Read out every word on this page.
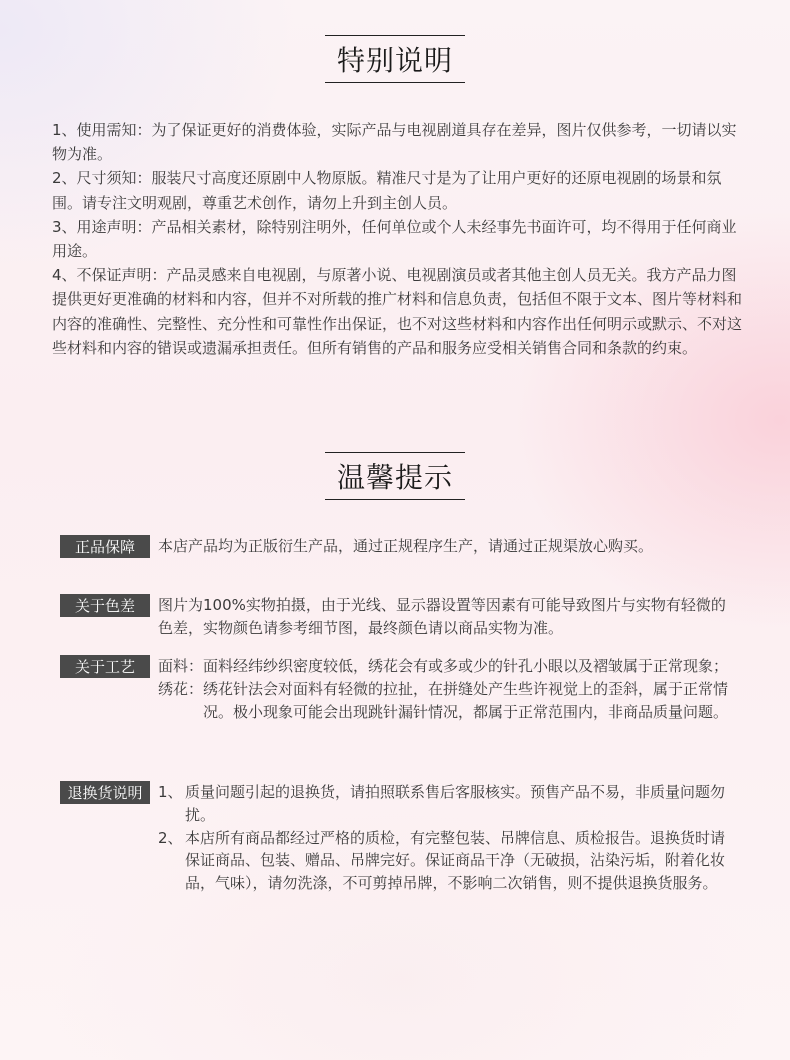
特别说明

1、使用需知：为了保证更好的消费体验，实际产品与电视剧道具存在差异，图片仅供参考，一切请以实物为准。

2、尺寸须知：服装尺寸高度还原剧中人物原版。精准尺寸是为了让用户更好的还原电视剧的场景和氛围。请专注文明观剧，尊重艺术创作，请勿上升到主创人员。

3、用途声明：产品相关素材，除特别注明外，任何单位或个人未经事先书面许可，均不得用于任何商业用途。

4、不保证声明：产品灵感来自电视剧，与原著小说、电视剧演员或者其他主创人员无关。我方产品力图提供更好更准确的材料和内容，但并不对所载的推广材料和信息负责，包括但不限于文本、图片等材料和内容的准确性、完整性、充分性和可靠性作出保证，也不对这些材料和内容作出任何明示或默示、不对这些材料和内容的错误或遗漏承担责任。但所有销售的产品和服务应受相关销售合同和条款的约束。

温馨提示
正品保障	本店产品均为正版衍生产品，通过正规程序生产，请通过正规渠放心购买。

关于色差	图片为100%实物拍摄，由于光线、显示器设置等因素有可能导致图片与实物有轻微的色差，实物颜色请参考细节图，最终颜色请以商品实物为准。

关于工艺	面料： 面料经纬纱织密度较低，绣花会有或多或少的针孔小眼以及褶皱属于正常现象；
绣花： 绣花针法会对面料有轻微的拉扯，在拼缝处产生些许视觉上的歪斜，属于正常情况。极小现象可能会出现跳针漏针情况，都属于正常范围内，非商品质量问题。
退换货说明	1、 质量问题引起的退换货，请拍照联系售后客服核实。预售产品不易，非质量问题勿扰。
2、 本店所有商品都经过严格的质检，有完整包装、吊牌信息、质检报告。退换货时请保证商品、包装、赠品、吊牌完好。保证商品干净（无破损，沾染污垢，附着化妆品，气味），请勿洗涤，不可剪掉吊牌，不影响二次销售，则不提供退换货服务。
